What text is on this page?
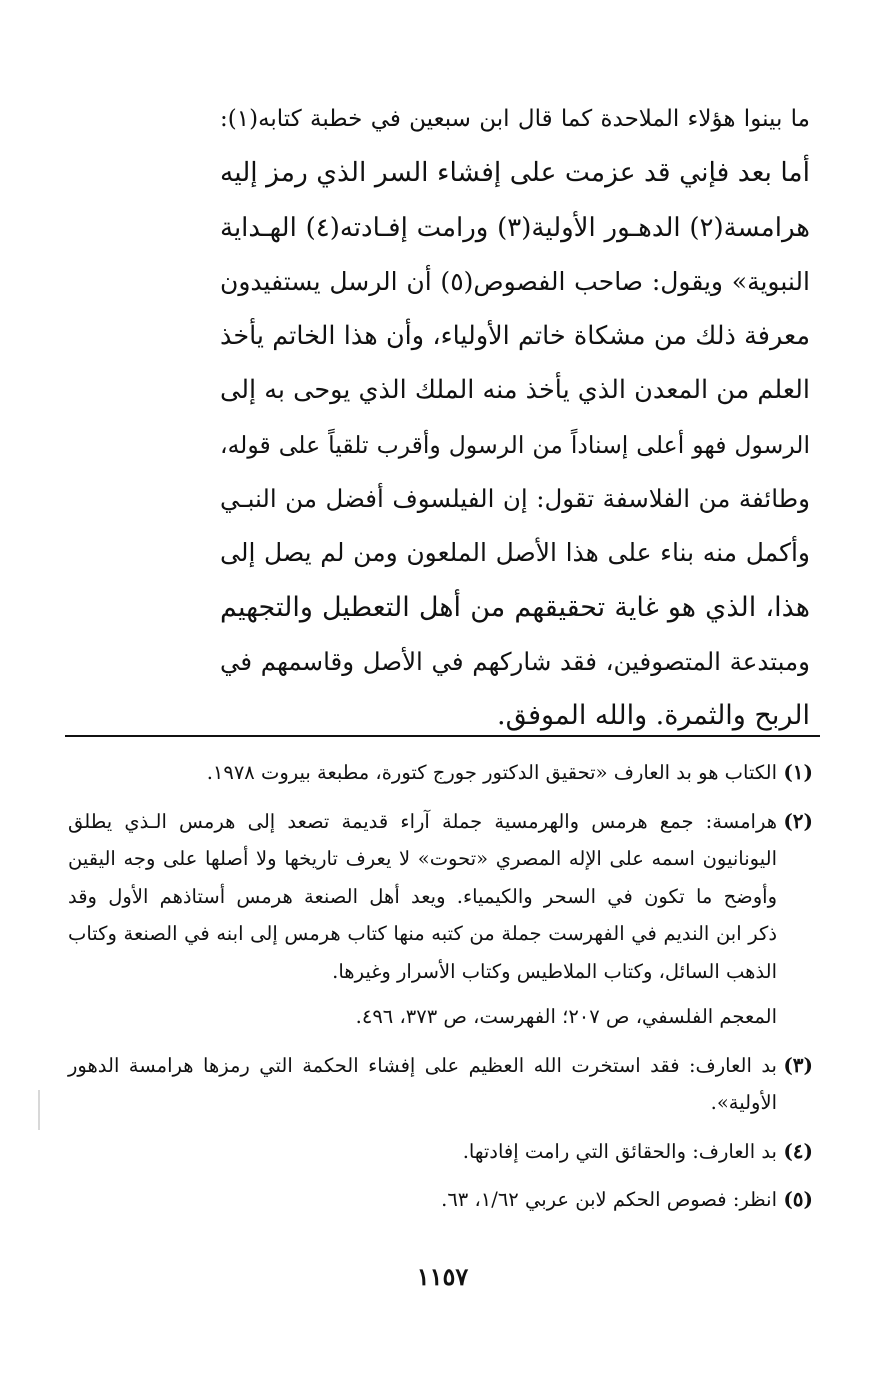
ما بينوا هؤلاء الملاحدة كما قال ابن سبعين في خطبة كتابه(١):
أما بعد فإني قد عزمت على إفشاء السر الذي رمز إليه
هرامسة(٢) الدهـور الأولية(٣) ورامت إفـادته(٤) الهـداية
النبوية» ويقول: صاحب الفصوص(٥) أن الرسل يستفيدون
معرفة ذلك من مشكاة خاتم الأولياء، وأن هذا الخاتم يأخذ
العلم من المعدن الذي يأخذ منه الملك الذي يوحى به إلى
الرسول فهو أعلى إسناداً من الرسول وأقرب تلقياً على قوله،
وطائفة من الفلاسفة تقول: إن الفيلسوف أفضل من النبـي
وأكمل منه بناء على هذا الأصل الملعون ومن لم يصل إلى
هذا، الذي هو غاية تحقيقهم من أهل التعطيل والتجهيم
ومبتدعة المتصوفين، فقد شاركهم في الأصل وقاسمهم في
الربح والثمرة. والله الموفق.
(١)
الكتاب هو بد العارف «تحقيق الدكتور جورج كتورة، مطبعة بيروت ١٩٧٨.
(٢)
هرامسة: جمع هرمس والهرمسية جملة آراء قديمة تصعد إلى هرمس الـذي يطلق
اليونانيون اسمه على الإله المصري «تحوت» لا يعرف تاريخها ولا أصلها على وجه اليقين
وأوضح ما تكون في السحر والكيمياء. ويعد أهل الصنعة هرمس أستاذهم الأول وقد
ذكر ابن النديم في الفهرست جملة من كتبه منها كتاب هرمس إلى ابنه في الصنعة وكتاب
الذهب السائل، وكتاب الملاطيس وكتاب الأسرار وغيرها.
المعجم الفلسفي، ص ٢٠٧؛ الفهرست، ص ٣٧٣، ٤٩٦.
(٣)
بد العارف: فقد استخرت الله العظيم على إفشاء الحكمة التي رمزها هرامسة الدهور
الأولية».
(٤)
بد العارف: والحقائق التي رامت إفادتها.
(٥)
انظر: فصوص الحكم لابن عربي ١/٦٢، ٦٣.
١١٥٧
